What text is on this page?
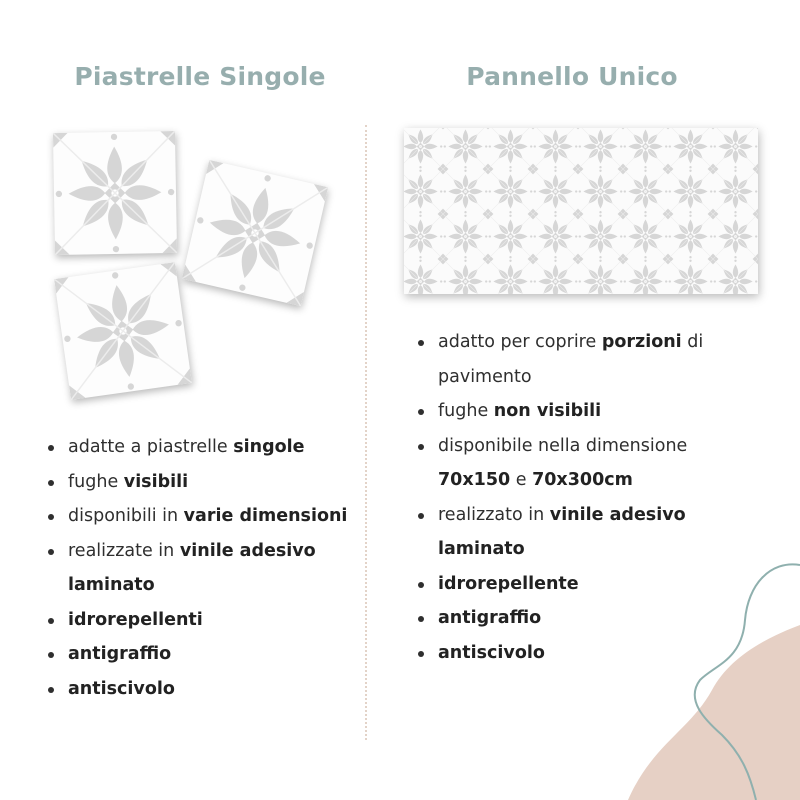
Piastrelle Singole	Pannello Unico
adatte a piastrelle singole
fughe visibili
disponibili in varie dimensioni
realizzate in vinile adesivo laminato
idrorepellenti
antigraffio
antiscivolo
adatto per coprire porzioni di pavimento
fughe non visibili
disponibile nella dimensione 70x150 e 70x300cm
realizzato in vinile adesivo laminato
idrorepellente
antigraffio
antiscivolo
